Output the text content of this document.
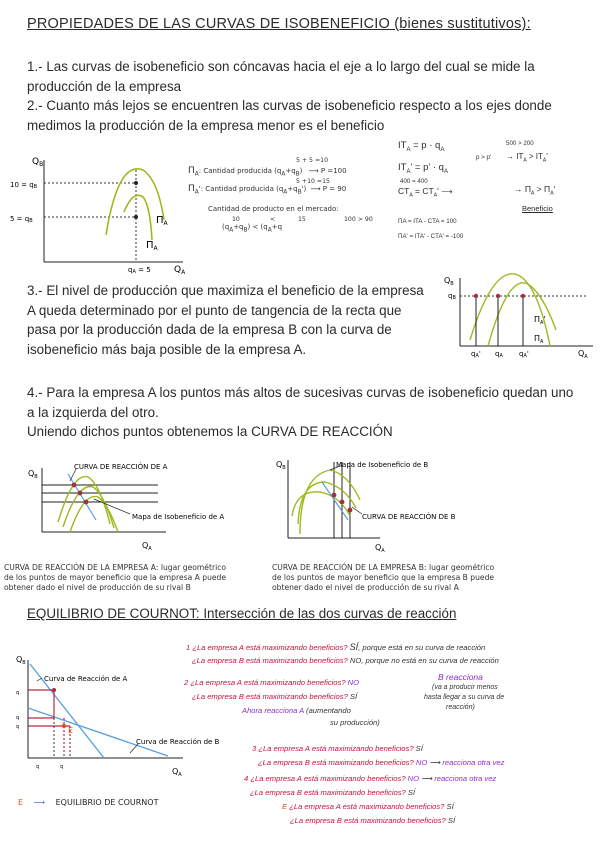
PROPIEDADES DE LAS CURVAS DE ISOBENEFICIO (bienes sustitutivos):
1.- Las curvas de isobeneficio son cóncavas hacia el eje a lo largo del cual se mide la
producción de la empresa
2.- Cuanto más lejos se encuentren las curvas de isobeneficio respecto a los ejes donde
medimos la producción de la empresa menor es el beneficio
$Q_B$
10 = qB
5 = qB	$\Pi_A$
$\Pi_A$
qA = 5	$Q_A$
5 + 5 =10
$\Pi_A$: Cantidad producida $(q_A+q_B)$ ⟶ P =100
5 +10 =15
$\Pi_A'$: Cantidad producida $(q_A+q_B')$ ⟶ P = 90
Cantidad de producto en el mercado:
10	<	15	100 > 90
$(q_A+q_B) < (q_A+q$
500 > 200
$IT_A = p \cdot q_A$
$IT_A' = p' \cdot q_A$
$p > p' \to IT_A > IT_A'$
400 = 400
$CT_A = CT_A'$ ⟶	→ $\Pi_A > \Pi_A'$
Beneficio
ΠA = ITA - CTA = 100
ΠA' = ITA' - CTA' = -100
3.- El nivel de producción que maximiza el beneficio de la empresa
A queda determinado por el punto de tangencia de la recta que
pasa por la producción dada de la empresa B con la curva de
isobeneficio más baja posible de la empresa A.
$Q_B$
qB
$\Pi_A'$
$\Pi_A$
qA' qA qA'	$Q_A$
4.- Para la empresa A los puntos más altos de sucesivas curvas de isobeneficio quedan uno
a la izquierda del otro.
Uniendo dichos puntos obtenemos la CURVA DE REACCIÓN
$Q_B$
CURVA DE REACCIÓN DE A
Mapa de Isobeneficio de A
$Q_A$
CURVA DE REACCIÓN DE LA EMPRESA A: lugar geométrico
de los puntos de mayor beneficio que la empresa A puede
obtener dado el nivel de producción de su rival B
$Q_B$	Mapa de Isobeneficio de B
CURVA DE REACCIÓN DE B
$Q_A$
CURVA DE REACCIÓN DE LA EMPRESA B: lugar geométrico
de los puntos de mayor beneficio que la empresa B puede
obtener dado el nivel de producción de su rival A
EQUILIBRIO DE COURNOT: Intersección de las dos curvas de reacción
$Q_B$
E
q
q
q
q	q
Curva de Reacción de A
Curva de Reacción de B
$Q_A$
E ⟶ EQUILIBRIO DE COURNOT
1 ¿La empresa A está maximizando beneficios? SÍ, porque está en su curva de reacción
¿La empresa B está maximizando beneficios? NO, porque no está en su curva de reacción
2 ¿La empresa A está maximizando beneficios? NO
¿La empresa B está maximizando beneficios? SÍ
Ahora reacciona A (aumentando
su producción)
B reacciona
(va a producir menos
hasta llegar a su curva de
reacción)
3 ¿La empresa A está maximizando beneficios? SÍ
¿La empresa B está maximizando beneficios? NO ⟶ reacciona otra vez
4 ¿La empresa A está maximizando beneficios? NO ⟶ reacciona otra vez
¿La empresa B está maximizando beneficios? SÍ
E ¿La empresa A está maximizando beneficios? SÍ
¿La empresa B está maximizando beneficios? SÍ
